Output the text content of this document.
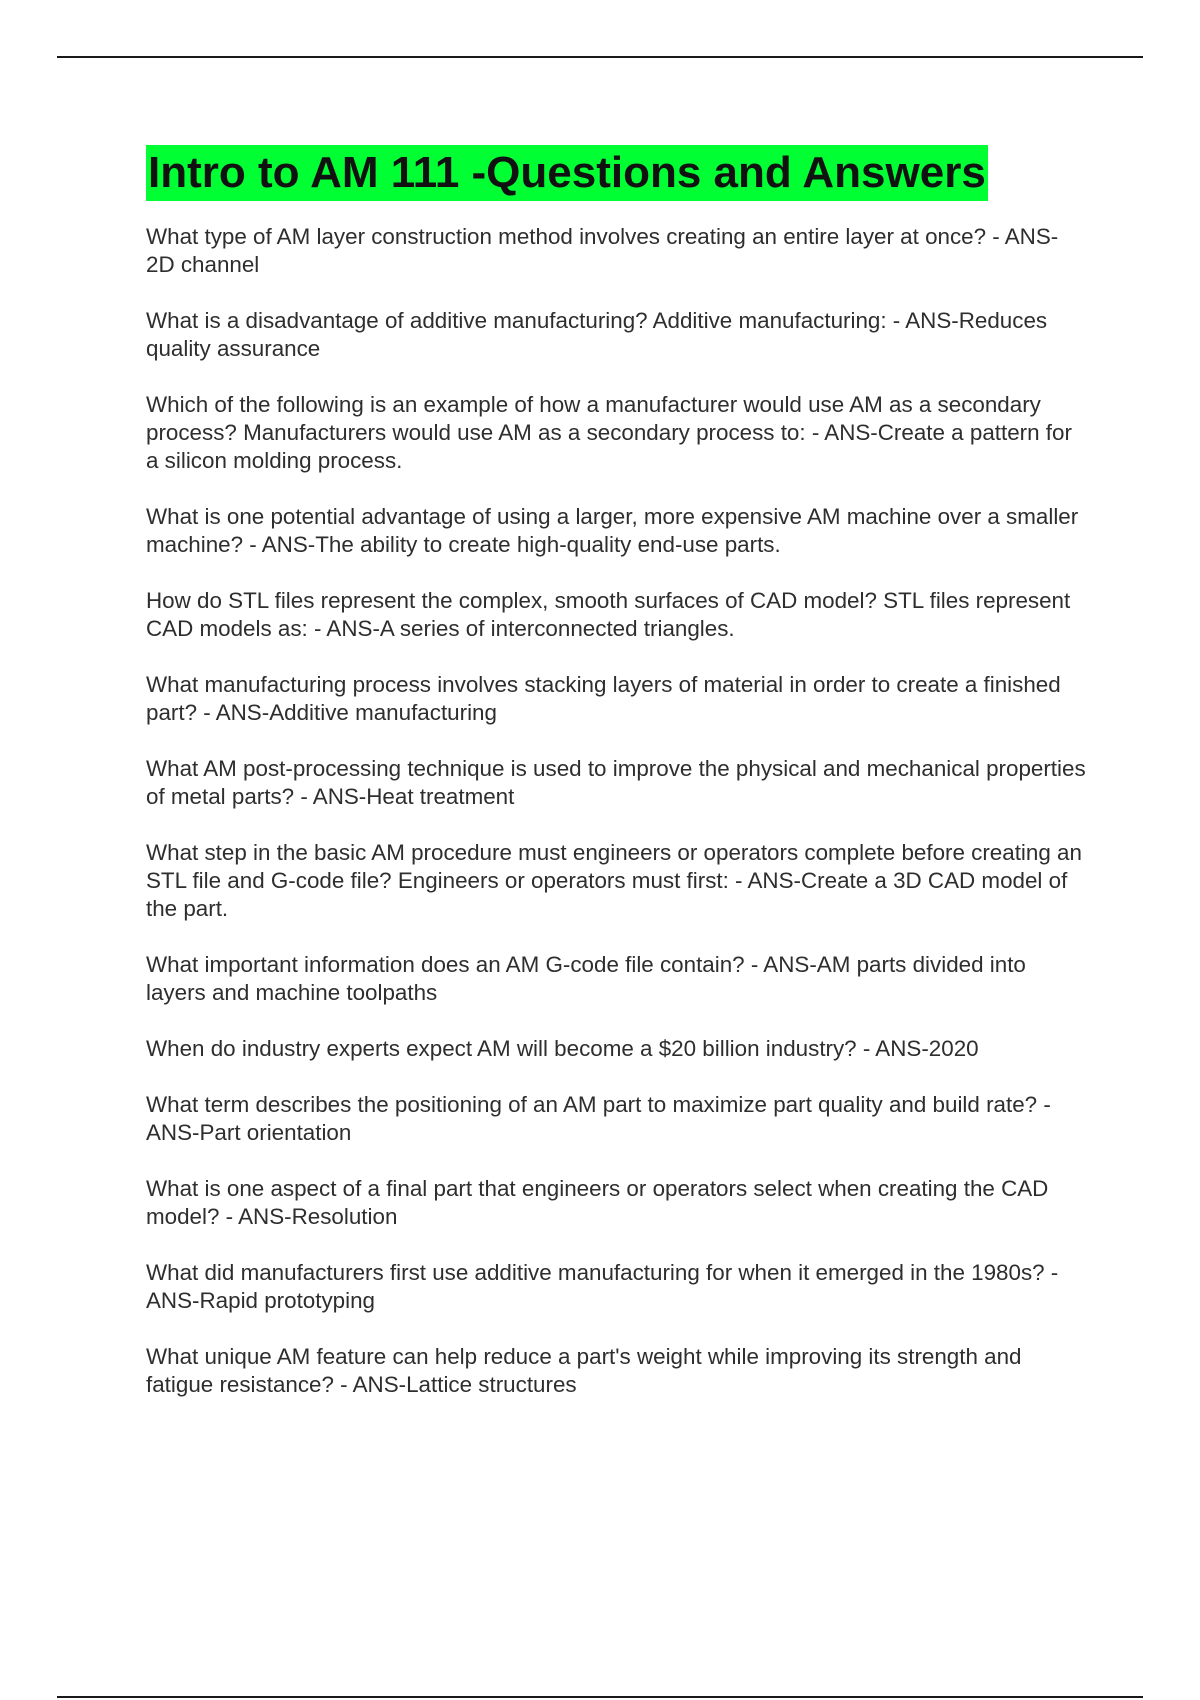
Intro to AM 111 -Questions and Answers
What type of AM layer construction method involves creating an entire layer at once? - ANS-2D channel
What is a disadvantage of additive manufacturing? Additive manufacturing: - ANS-Reduces quality assurance
Which of the following is an example of how a manufacturer would use AM as a secondary process? Manufacturers would use AM as a secondary process to: - ANS-Create a pattern for a silicon molding process.
What is one potential advantage of using a larger, more expensive AM machine over a smaller machine? - ANS-The ability to create high-quality end-use parts.
How do STL files represent the complex, smooth surfaces of CAD model? STL files represent CAD models as: - ANS-A series of interconnected triangles.
What manufacturing process involves stacking layers of material in order to create a finished part? - ANS-Additive manufacturing
What AM post-processing technique is used to improve the physical and mechanical properties of metal parts? - ANS-Heat treatment
What step in the basic AM procedure must engineers or operators complete before creating an STL file and G-code file? Engineers or operators must first: - ANS-Create a 3D CAD model of the part.
What important information does an AM G-code file contain? - ANS-AM parts divided into layers and machine toolpaths
When do industry experts expect AM will become a $20 billion industry? - ANS-2020
What term describes the positioning of an AM part to maximize part quality and build rate? - ANS-Part orientation
What is one aspect of a final part that engineers or operators select when creating the CAD model? - ANS-Resolution
What did manufacturers first use additive manufacturing for when it emerged in the 1980s? - ANS-Rapid prototyping
What unique AM feature can help reduce a part's weight while improving its strength and fatigue resistance? - ANS-Lattice structures
